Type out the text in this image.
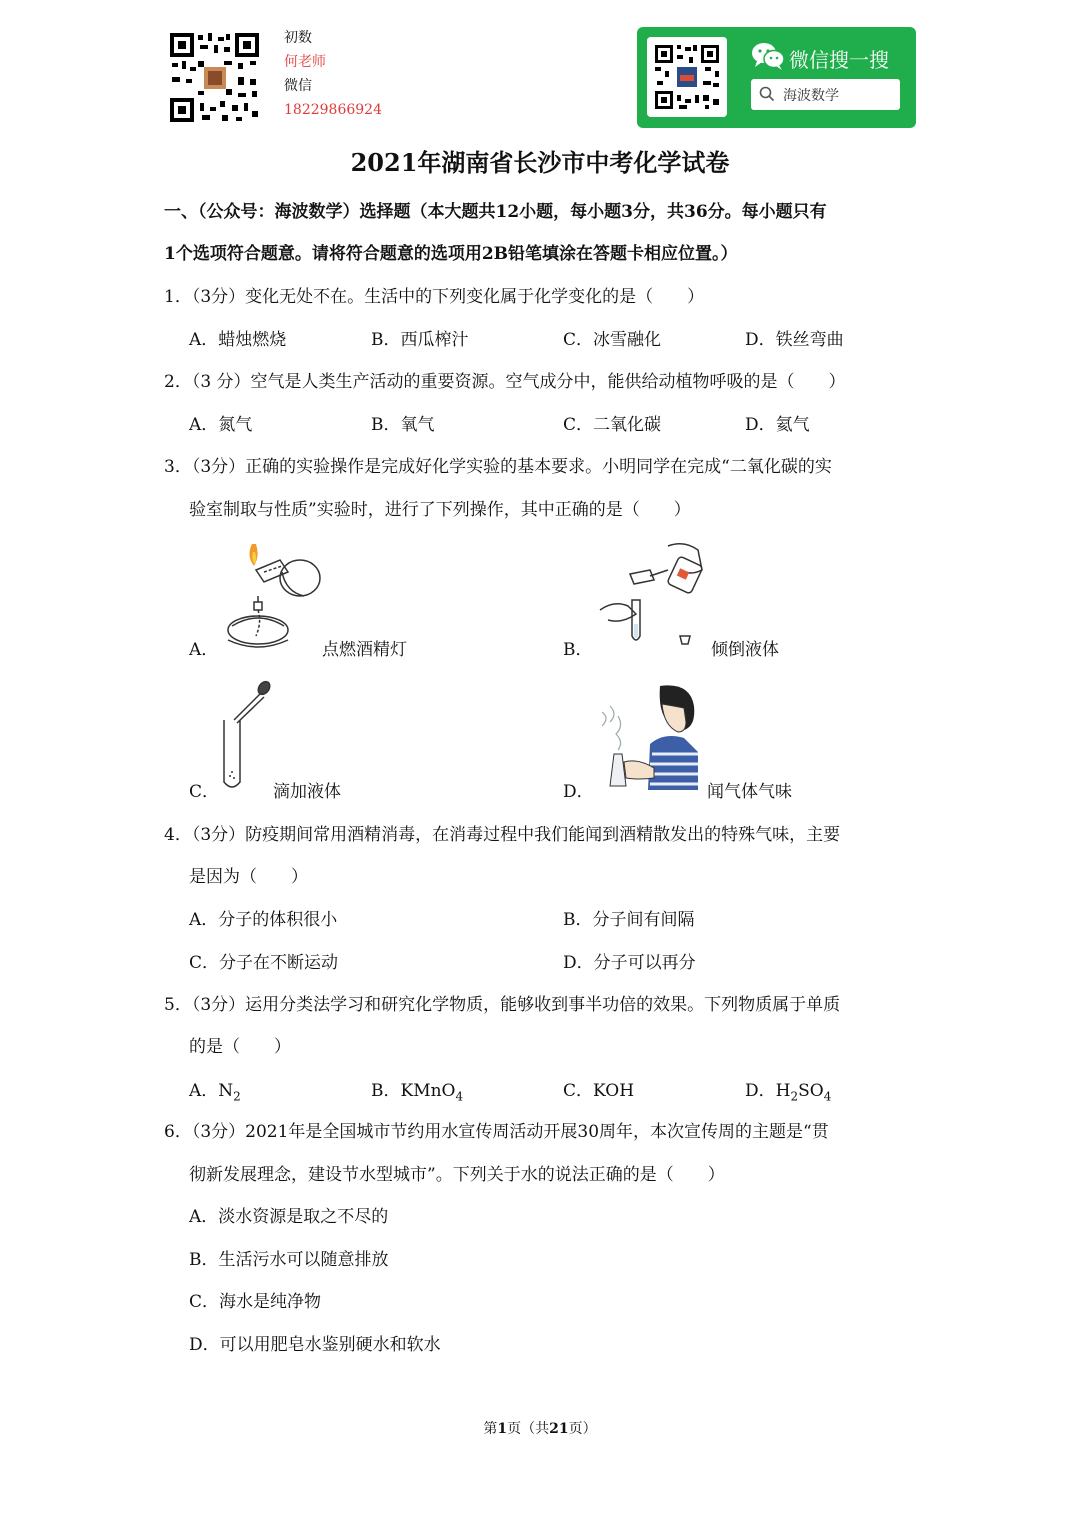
初数
何老师
微信
18229866924
微信搜一搜
海波数学
2021年湖南省长沙市中考化学试卷
一、（公众号：海波数学）选择题（本大题共12小题，每小题3分，共36分。每小题只有
1个选项符合题意。请将符合题意的选项用2B铅笔填涂在答题卡相应位置。）
1．（3分）变化无处不在。生活中的下列变化属于化学变化的是（　　）
A．蜡烛燃烧	B．西瓜榨汁	C．冰雪融化	D．铁丝弯曲
2．（3 分）空气是人类生产活动的重要资源。空气成分中，能供给动植物呼吸的是（　　）
A．氮气	B．氧气	C．二氧化碳	D．氦气
3．（3分）正确的实验操作是完成好化学实验的基本要求。小明同学在完成“二氧化碳的实
验室制取与性质”实验时，进行了下列操作，其中正确的是（　　）
A．	点燃酒精灯	B．	倾倒液体
C．	滴加液体	D．	闻气体气味
4．（3分）防疫期间常用酒精消毒，在消毒过程中我们能闻到酒精散发出的特殊气味，主要
是因为（　　）
A．分子的体积很小	B．分子间有间隔
C．分子在不断运动	D．分子可以再分
5．（3分）运用分类法学习和研究化学物质，能够收到事半功倍的效果。下列物质属于单质
的是（　　）
A．$N_2$	B．KMnO$_4$	C．KOH	D．$H_2SO_4$
6．（3分）2021年是全国城市节约用水宣传周活动开展30周年，本次宣传周的主题是“贯
彻新发展理念，建设节水型城市”。下列关于水的说法正确的是（　　）
A．淡水资源是取之不尽的
B．生活污水可以随意排放
C．海水是纯净物
D．可以用肥皂水鉴别硬水和软水
第1页（共21页）
